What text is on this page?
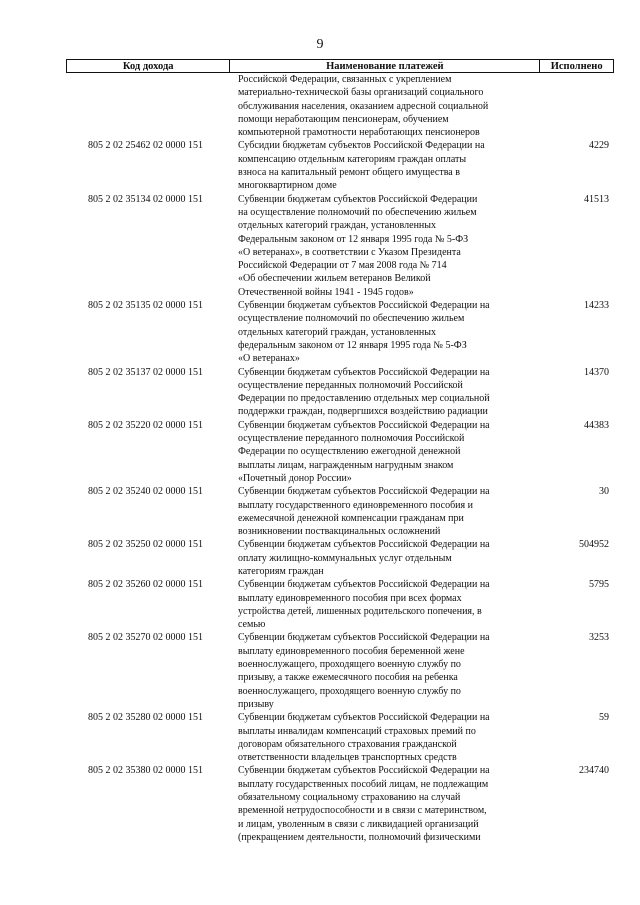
9
Код дохода	Наименование платежей	Исполнено
Российской Федерации, связанных с укреплением
материально-технической базы организаций социального
обслуживания населения, оказанием адресной социальной
помощи неработающим пенсионерам, обучением
компьютерной грамотности неработающих пенсионеров
805 2 02 25462 02 0000 151	Субсидии бюджетам субъектов Российской Федерации на
компенсацию отдельным категориям граждан оплаты
взноса на капитальный ремонт общего имущества в
многоквартирном доме
4229
805 2 02 35134 02 0000 151	Субвенции бюджетам субъектов Российской Федерации
на осуществление полномочий по обеспечению жильем
отдельных категорий граждан, установленных
Федеральным законом от 12 января 1995 года № 5-ФЗ
«О ветеранах», в соответствии с Указом Президента
Российской Федерации от 7 мая 2008 года № 714
«Об обеспечении жильем ветеранов Великой
Отечественной войны 1941 - 1945 годов»
41513
805 2 02 35135 02 0000 151	Субвенции бюджетам субъектов Российской Федерации на
осуществление полномочий по обеспечению жильем
отдельных категорий граждан, установленных
федеральным законом от 12 января 1995 года № 5-ФЗ
«О ветеранах»
14233
805 2 02 35137 02 0000 151	Субвенции бюджетам субъектов Российской Федерации на
осуществление переданных полномочий Российской
Федерации по предоставлению отдельных мер социальной
поддержки граждан, подвергшихся воздействию радиации
14370
805 2 02 35220 02 0000 151	Субвенции бюджетам субъектов Российской Федерации на
осуществление переданного полномочия Российской
Федерации по осуществлению ежегодной денежной
выплаты лицам, награжденным нагрудным знаком
«Почетный донор России»
44383
805 2 02 35240 02 0000 151	Субвенции бюджетам субъектов Российской Федерации на
выплату государственного единовременного пособия и
ежемесячной денежной компенсации гражданам при
возникновении поствакцинальных осложнений
30
805 2 02 35250 02 0000 151	Субвенции бюджетам субъектов Российской Федерации на
оплату жилищно-коммунальных услуг отдельным
категориям граждан
504952
805 2 02 35260 02 0000 151	Субвенции бюджетам субъектов Российской Федерации на
выплату единовременного пособия при всех формах
устройства детей, лишенных родительского попечения, в
семью
5795
805 2 02 35270 02 0000 151	Субвенции бюджетам субъектов Российской Федерации на
выплату единовременного пособия беременной жене
военнослужащего, проходящего военную службу по
призыву, а также ежемесячного пособия на ребенка
военнослужащего, проходящего военную службу по
призыву
3253
805 2 02 35280 02 0000 151	Субвенции бюджетам субъектов Российской Федерации на
выплаты инвалидам компенсаций страховых премий по
договорам обязательного страхования гражданской
ответственности владельцев транспортных средств
59
805 2 02 35380 02 0000 151	Субвенции бюджетам субъектов Российской Федерации на
выплату государственных пособий лицам, не подлежащим
обязательному социальному страхованию на случай
временной нетрудоспособности и в связи с материнством,
и лицам, уволенным в связи с ликвидацией организаций
(прекращением деятельности, полномочий физическими
234740
